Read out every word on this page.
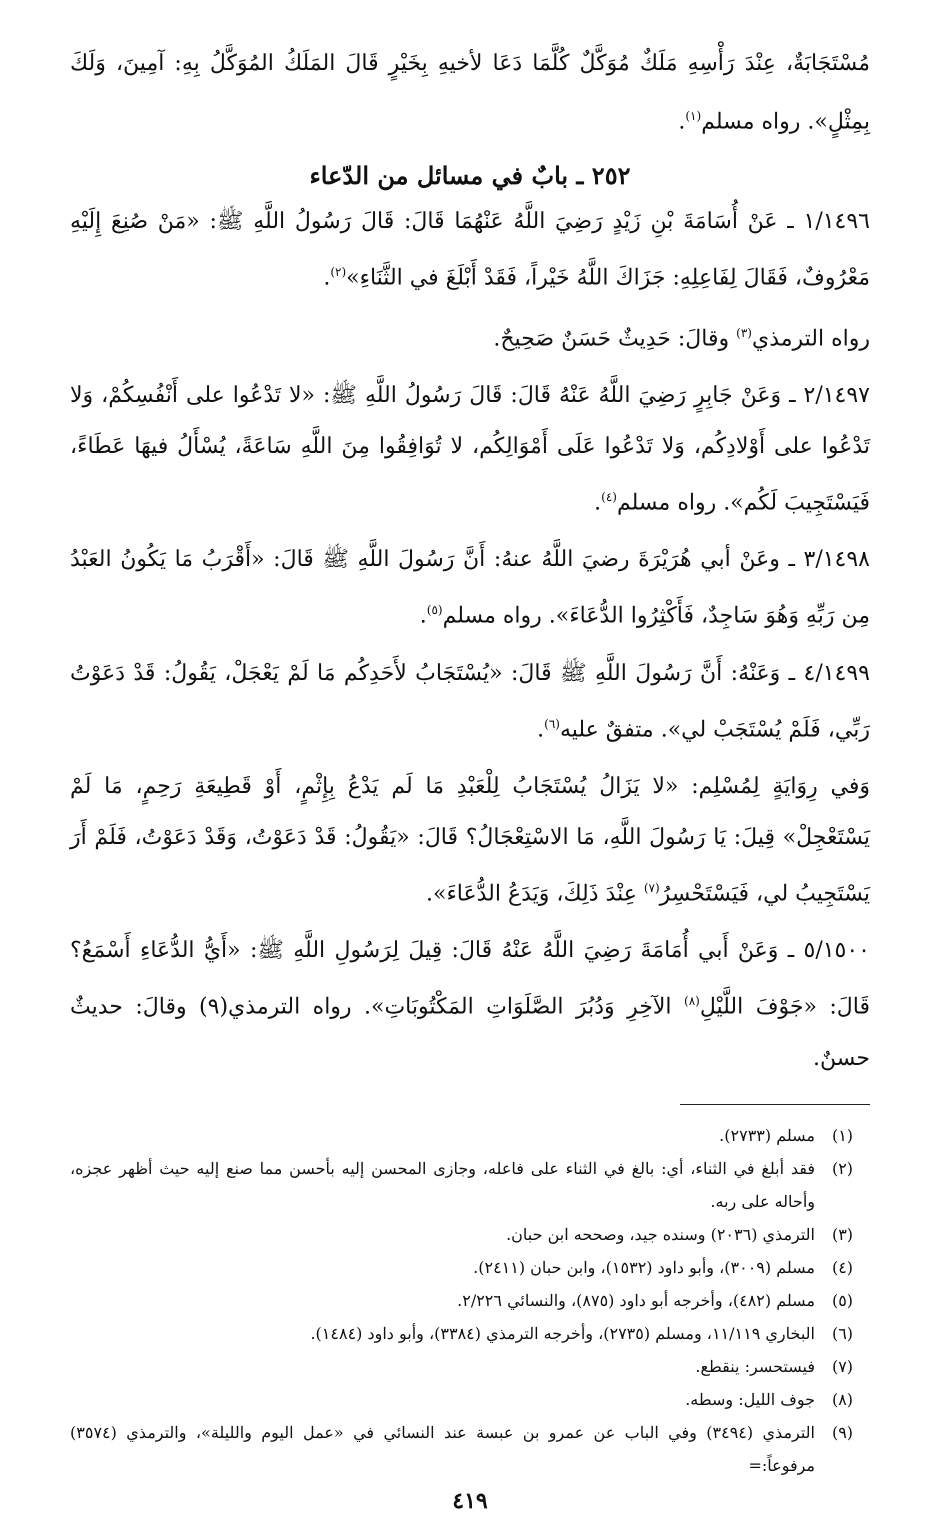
مُسْتَجَابَةٌ، عِنْدَ رَأْسِهِ مَلَكٌ مُوَكَّلٌ كُلَّمَا دَعَا لأخيهِ بِخَيْرٍ قَالَ المَلَكُ المُوَكَّلُ بِهِ: آمِينَ، وَلَكَ بِمِثْلٍ». رواه مسلم$^{(١)}$.

٢٥٢ ـ بابٌ في مسائل من الدّعاء

١/١٤٩٦ ـ عَنْ أُسَامَةَ بْنِ زَيْدٍ رَضِيَ اللَّهُ عَنْهُمَا قَالَ: قَالَ رَسُولُ اللَّهِ ﷺ: «مَنْ صُنِعَ إِلَيْهِ مَعْرُوفٌ، فَقَالَ لِفَاعِلِهِ: جَزَاكَ اللَّهُ خَيْراً، فَقَدْ أَبْلَغَ في الثَّنَاءِ»$^{(٢)}$.

رواه الترمذي$^{(٣)}$ وقالَ: حَدِيثٌ حَسَنٌ صَحِيحٌ.

٢/١٤٩٧ ـ وَعَنْ جَابِرٍ رَضِيَ اللَّهُ عَنْهُ قَالَ: قَالَ رَسُولُ اللَّهِ ﷺ: «لا تَدْعُوا على أَنْفُسِكُمْ، وَلا تَدْعُوا على أَوْلادِكُم، وَلا تَدْعُوا عَلَى أَمْوَالِكُم، لا تُوَافِقُوا مِنَ اللَّهِ سَاعَةً، يُسْأَلُ فيهَا عَطَاءً، فَيَسْتَجِيبَ لَكُم». رواه مسلم$^{(٤)}$.

٣/١٤٩٨ ـ وعَنْ أبي هُرَيْرَةَ رضيَ اللَّهُ عنهُ: أَنَّ رَسُولَ اللَّهِ ﷺ قَالَ: «أَقْرَبُ مَا يَكُونُ العَبْدُ مِن رَبِّهِ وَهُوَ سَاجِدٌ، فَأَكْثِرُوا الدُّعَاءَ». رواه مسلم$^{(٥)}$.

٤/١٤٩٩ ـ وَعَنْهُ: أَنَّ رَسُولَ اللَّهِ ﷺ قَالَ: «يُسْتَجَابُ لأَحَدِكُم مَا لَمْ يَعْجَلْ، يَقُولُ: قَدْ دَعَوْتُ رَبِّي، فَلَمْ يُسْتَجَبْ لي». متفقٌ عليه$^{(٦)}$.

وَفي رِوَايَةٍ لِمُسْلِم: «لا يَزَالُ يُسْتَجَابُ لِلْعَبْدِ مَا لَم يَدْعُ بِإِثْمٍ، أَوْ قَطِيعَةِ رَحِمٍ، مَا لَمْ يَسْتَعْجِلْ» قِيلَ: يَا رَسُولَ اللَّهِ، مَا الاسْتِعْجَالُ؟ قَالَ: «يَقُولُ: قَدْ دَعَوْتُ، وَقَدْ دَعَوْتُ، فَلَمْ أَرَ يَسْتَجِيبُ لي، فَيَسْتَحْسِرُ$^{(٧)}$ عِنْدَ ذَلِكَ، وَيَدَعُ الدُّعَاءَ».

٥/١٥٠٠ ـ وَعَنْ أَبي أُمَامَةَ رَضِيَ اللَّهُ عَنْهُ قَالَ: قِيلَ لِرَسُولِ اللَّهِ ﷺ: «أَيُّ الدُّعَاءِ أَسْمَعُ؟ قَالَ: «جَوْفَ اللَّيْلِ$^{(٨)}$ الآخِرِ وَدُبُرَ الصَّلَوَاتِ المَكْتُوبَاتِ». رواه الترمذي(٩) وقالَ: حديثٌ حسنٌ.

(١)
مسلم (٢٧٣٣).
(٢)
فقد أبلغ في الثناء، أي: بالغ في الثناء على فاعله، وجازى المحسن إليه بأحسن مما صنع إليه حيث أظهر عجزه، وأحاله على ربه.
(٣)
الترمذي (٢٠٣٦) وسنده جيد، وصححه ابن حبان.
(٤)
مسلم (٣٠٠٩)، وأبو داود (١٥٣٢)، وابن حبان (٢٤١١).
(٥)
مسلم (٤٨٢)، وأخرجه أبو داود (٨٧٥)، والنسائي ٢/٢٢٦.
(٦)
البخاري ١١/١١٩، ومسلم (٢٧٣٥)، وأخرجه الترمذي (٣٣٨٤)، وأبو داود (١٤٨٤).
(٧)
فيستحسر: ينقطع.
(٨)
جوف الليل: وسطه.
(٩)
الترمذي (٣٤٩٤) وفي الباب عن عمرو بن عبسة عند النسائي في «عمل اليوم والليلة»، والترمذي (٣٥٧٤) مرفوعاً:=
٤١٩
